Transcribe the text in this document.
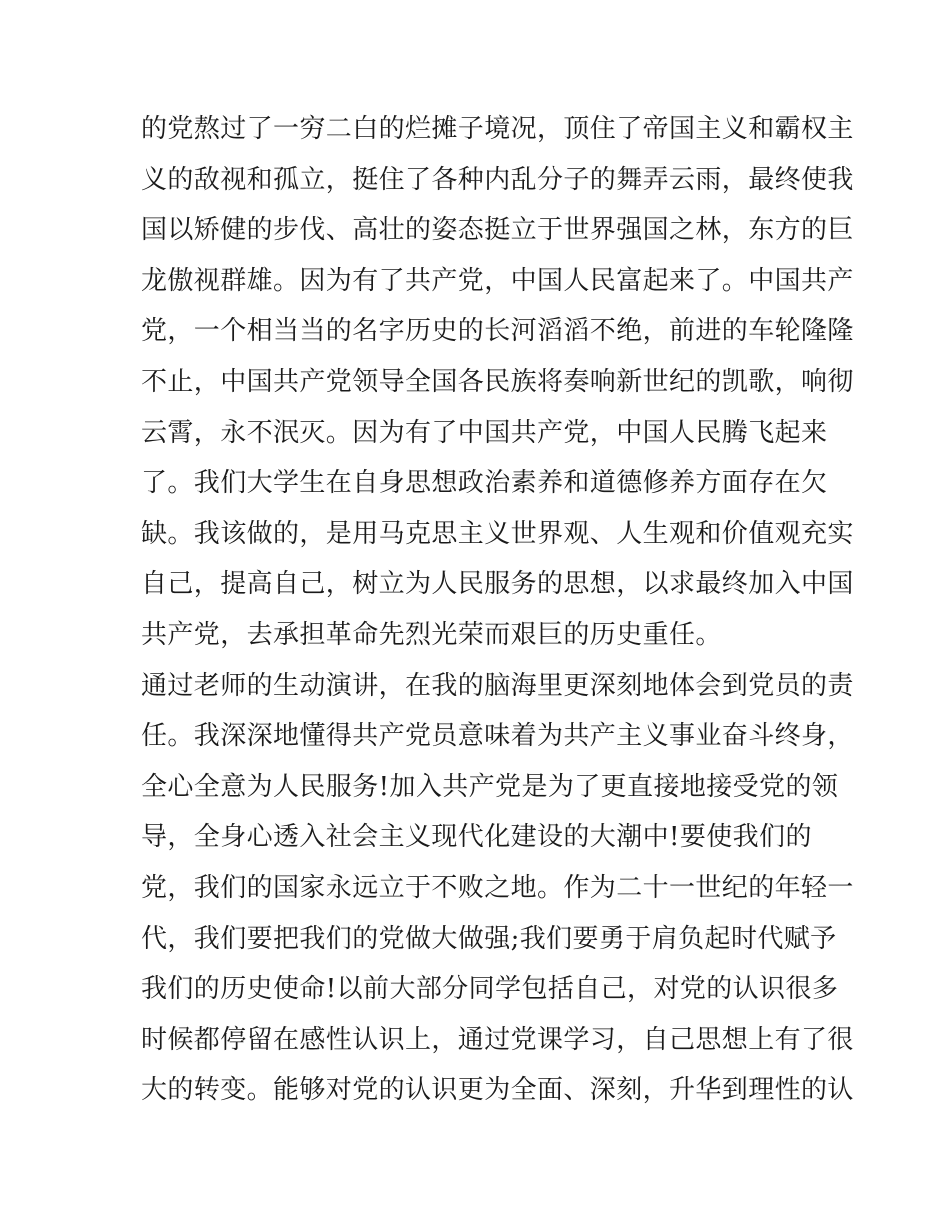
的党熬过了一穷二白的烂摊子境况，顶住了帝国主义和霸权主
义的敌视和孤立，挺住了各种内乱分子的舞弄云雨，最终使我
国以矫健的步伐、高壮的姿态挺立于世界强国之林，东方的巨
龙傲视群雄。因为有了共产党，中国人民富起来了。中国共产
党，一个相当当的名字历史的长河滔滔不绝，前进的车轮隆隆
不止，中国共产党领导全国各民族将奏响新世纪的凯歌，响彻
云霄，永不泯灭。因为有了中国共产党，中国人民腾飞起来
了。我们大学生在自身思想政治素养和道德修养方面存在欠
缺。我该做的，是用马克思主义世界观、人生观和价值观充实
自己，提高自己，树立为人民服务的思想，以求最终加入中国
共产党，去承担革命先烈光荣而艰巨的历史重任。
通过老师的生动演讲，在我的脑海里更深刻地体会到党员的责
任。我深深地懂得共产党员意味着为共产主义事业奋斗终身，
全心全意为人民服务!加入共产党是为了更直接地接受党的领
导，全身心透入社会主义现代化建设的大潮中!要使我们的
党，我们的国家永远立于不败之地。作为二十一世纪的年轻一
代，我们要把我们的党做大做强;我们要勇于肩负起时代赋予
我们的历史使命!以前大部分同学包括自己，对党的认识很多
时候都停留在感性认识上，通过党课学习，自己思想上有了很
大的转变。能够对党的认识更为全面、深刻，升华到理性的认
